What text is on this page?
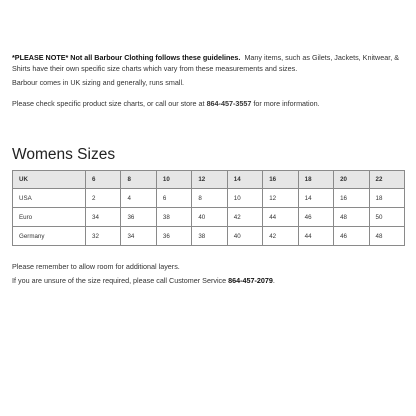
*PLEASE NOTE* Not all Barbour Clothing follows these guidelines. Many items, such as Gilets, Jackets, Knitwear, & Shirts have their own specific size charts which vary from these measurements and sizes.
Barbour comes in UK sizing and generally, runs small.
Please check specific product size charts, or call our store at 864-457-3557 for more information.
Womens Sizes
UK	6	8	10	12	14	16	18	20	22
USA	2	4	6	8	10	12	14	16	18
Euro	34	36	38	40	42	44	46	48	50
Germany	32	34	36	38	40	42	44	46	48
Please remember to allow room for additional layers.
If you are unsure of the size required, please call Customer Service 864-457-2079.
